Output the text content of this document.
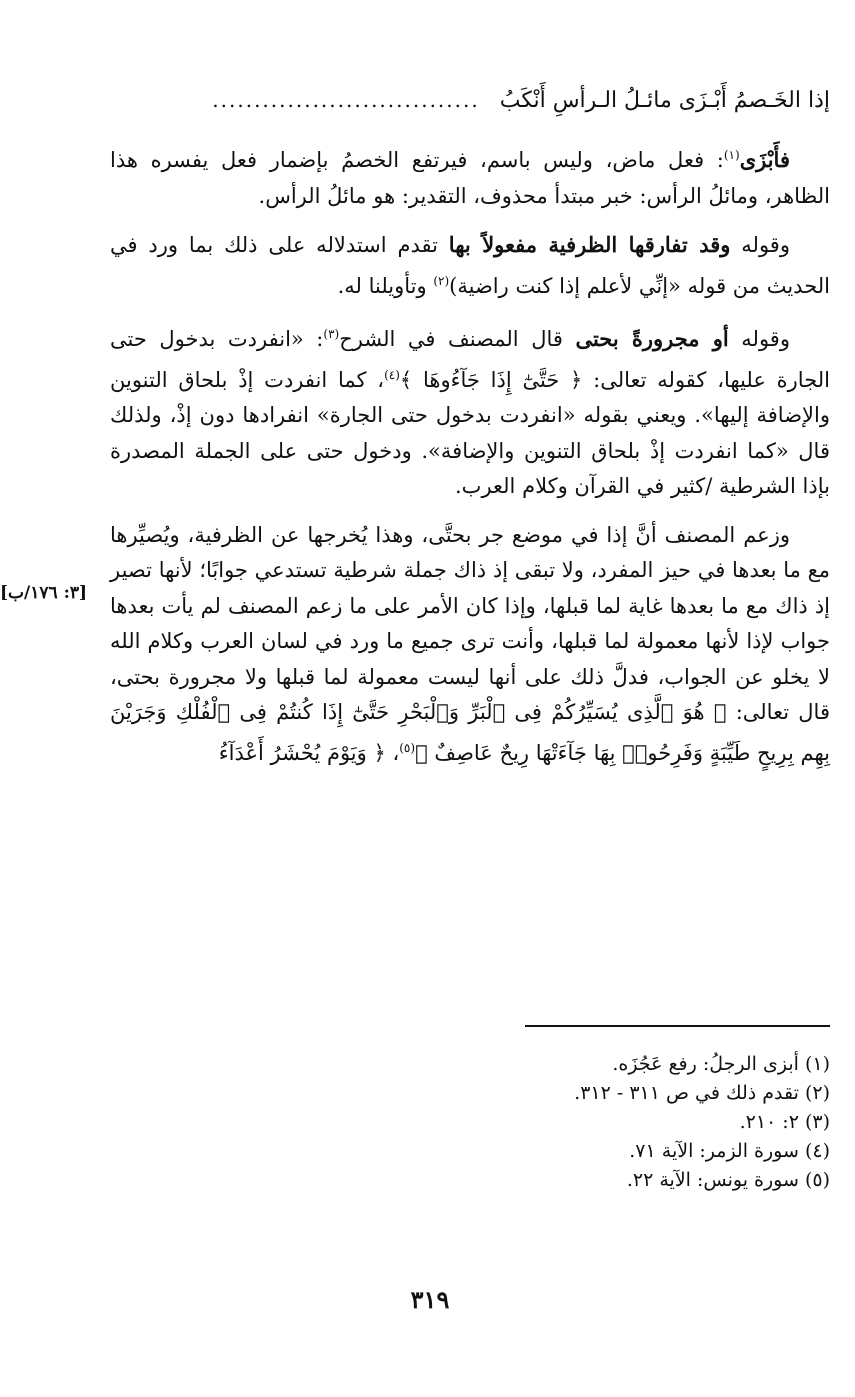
إذا الخَـصمُ أَبْـزَى مائـلُ الـرأسِ أَنْكَبُ
................................

فأَبْزَى$^{(١)}$: فعل ماض، وليس باسم، فيرتفع الخصمُ بإضمار فعل يفسره هذا الظاهر، ومائلُ الرأس: خبر مبتدأ محذوف، التقدير: هو مائلُ الرأس.

وقوله وقد تفارقها الظرفية مفعولاً بها تقدم استدلاله على ذلك بما ورد في الحديث من قوله «إنِّي لأعلم إذا كنت راضية)$^{(٢)}$ وتأويلنا له.

وقوله أو مجرورةً بحتى قال المصنف في الشرح$^{(٣)}$: «انفردت بدخول حتى الجارة عليها، كقوله تعالى: ﴿ حَتَّىٰٓ إِذَا جَآءُوهَا ﴾$^{(٤)}$، كما انفردت إذْ بلحاق التنوين والإضافة إليها». ويعني بقوله «انفردت بدخول حتى الجارة» انفرادها دون إذْ، ولذلك قال «كما انفردت إذْ بلحاق التنوين والإضافة». ودخول حتى على الجملة المصدرة بإذا الشرطية /كثير في القرآن وكلام العرب.

وزعم المصنف أنَّ إذا في موضع جر بحتَّى، وهذا يُخرجها عن الظرفية، ويُصيِّرها مع ما بعدها في حيز المفرد، ولا تبقى إذ ذاك جملة شرطية تستدعي جوابًا؛ لأنها تصير إذ ذاك مع ما بعدها غاية لما قبلها، وإذا كان الأمر على ما زعم المصنف لم يأت بعدها جواب لإذا لأنها معمولة لما قبلها، وأنت ترى جميع ما ورد في لسان العرب وكلام الله لا يخلو عن الجواب، فدلَّ ذلك على أنها ليست معمولة لما قبلها ولا مجرورة بحتى، قال تعالى: ﴿ هُوَ ٱلَّذِى يُسَيِّرُكُمْ فِى ٱلْبَرِّ وَٱلْبَحْرِ حَتَّىٰٓ إِذَا كُنتُمْ فِى ٱلْفُلْكِ وَجَرَيْنَ بِهِم بِرِيحٍ طَيِّبَةٍ وَفَرِحُوا۟ بِهَا جَآءَتْهَا رِيحٌ عَاصِفٌ ﴾$^{(٥)}$، ﴿ وَيَوْمَ يُحْشَرُ أَعْدَآءُ

[٣: ١٧٦/ب]
(١) أبزى الرجلُ: رفع عَجُزَه.
(٢) تقدم ذلك في ص ٣١١ - ٣١٢.
(٣) ٢: ٢١٠.
(٤) سورة الزمر: الآية ٧١.
(٥) سورة يونس: الآية ٢٢.
٣١٩
